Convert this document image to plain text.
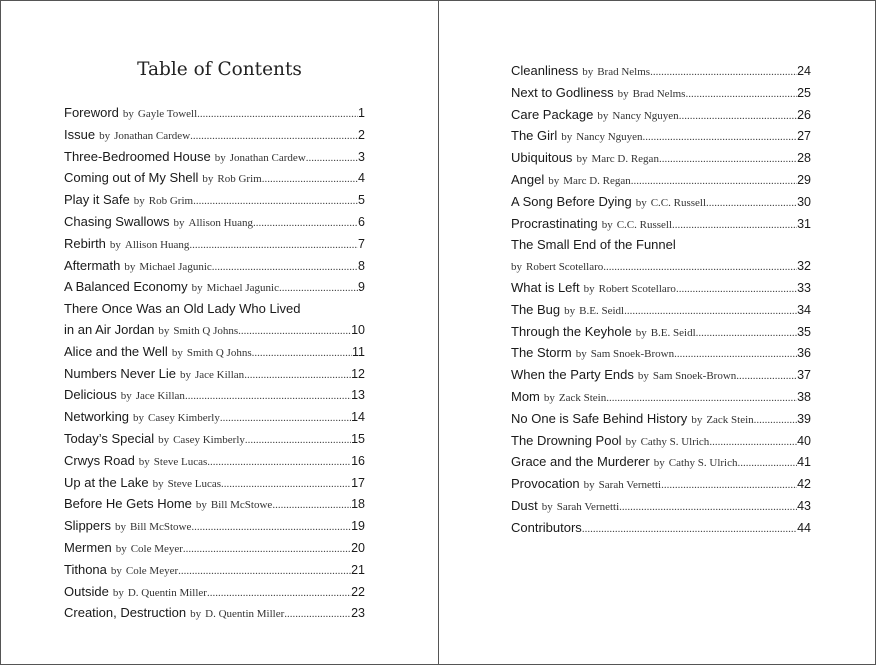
Table of Contents
Foreword by Gayle Towell .....	1
Issue by Jonathan Cardew .....	2
Three-Bedroomed House by Jonathan Cardew .....	3
Coming out of My Shell by Rob Grim .....	4
Play it Safe by Rob Grim .....	5
Chasing Swallows by Allison Huang .....	6
Rebirth by Allison Huang .....	7
Aftermath by Michael Jagunic .....	8
A Balanced Economy by Michael Jagunic .....	9
There Once Was an Old Lady Who Lived
in an Air Jordan by Smith Q Johns .....	10
Alice and the Well by Smith Q Johns .....	11
Numbers Never Lie by Jace Killan .....	12
Delicious by Jace Killan .....	13
Networking by Casey Kimberly .....	14
Today’s Special by Casey Kimberly .....	15
Crwys Road by Steve Lucas .....	16
Up at the Lake by Steve Lucas .....	17
Before He Gets Home by Bill McStowe .....	18
Slippers by Bill McStowe .....	19
Mermen by Cole Meyer .....	20
Tithona by Cole Meyer .....	21
Outside by D. Quentin Miller .....	22
Creation, Destruction by D. Quentin Miller .....	23
Cleanliness by Brad Nelms .....	24
Next to Godliness by Brad Nelms .....	25
Care Package by Nancy Nguyen .....	26
The Girl by Nancy Nguyen .....	27
Ubiquitous by Marc D. Regan .....	28
Angel by Marc D. Regan .....	29
A Song Before Dying by C.C. Russell .....	30
Procrastinating by C.C. Russell .....	31
The Small End of the Funnel
by Robert Scotellaro .....	32
What is Left by Robert Scotellaro .....	33
The Bug by B.E. Seidl .....	34
Through the Keyhole by B.E. Seidl .....	35
The Storm by Sam Snoek-Brown .....	36
When the Party Ends by Sam Snoek-Brown .....	37
Mom by Zack Stein .....	38
No One is Safe Behind History by Zack Stein .....	39
The Drowning Pool by Cathy S. Ulrich .....	40
Grace and the Murderer by Cathy S. Ulrich .....	41
Provocation by Sarah Vernetti .....	42
Dust by Sarah Vernetti .....	43
Contributors .....	44
